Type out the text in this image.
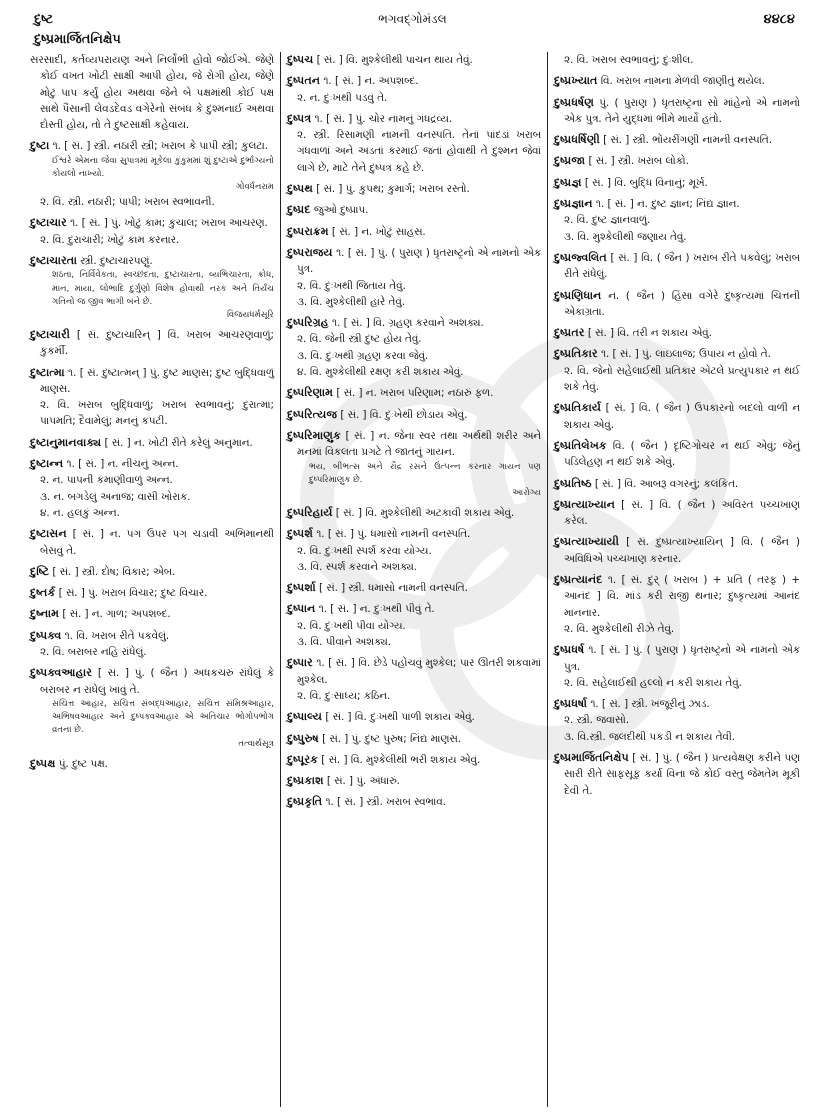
દુષ્ટ	ભગવદ્ગોમંડલ	૪૪૮૪
દુષ્પ્રમાર્જિતનિક્ષેપ
સરસાદી, કર્તવ્યપરાયણ અને નિર્લોભી હોવો જોઈએ. જેણે કોઈ વખત ખોટી સાક્ષી આપી હોય, જે રોગી હોય, જેણે મોટું પાપ કર્યું હોય અથવા જેને બે પક્ષમાંથી કોઈ પક્ષ સાથે પૈસાની લેવડદેવડ વગેરેનો સંબંધ કે દુશ્મનાઈ અથવા દોસ્તી હોય, તો તે દુષ્ટસાક્ષી કહેવાય.
દુષ્ટા ૧. [ સં. ] સ્ત્રી. નઠારી સ્ત્રી; ખરાબ કે પાપી સ્ત્રી; કુલટા.
ઈશ્વરે એમના જેવા સુપાત્રમાં મૂકેલા કુંકુમમાં શું દુષ્ટાએ દુર્ભાગ્યનો કોયલો નાખ્યો.
ગોવર્ધનરામ
૨. વિ. સ્ત્રી. નઠારી; પાપી; ખરાબ સ્વભાવની.
દુષ્ટાચાર ૧. [ સં. ] પું. ખોટું કામ; કુચાલ; ખરાબ આચરણ.
૨. વિ. દુરાચારી; ખોટું કામ કરનાર.
દુષ્ટાચારતા સ્ત્રી. દુષ્ટાચારપણું.
શઠતા, નિર્વિવેકતા, સ્વચ્છંદતા, દુષ્ટાચારતા, વ્યભિચારતા, ક્રોધ, માન, માયા, લોભાદિ દુર્ગુણો વિશેષ હોવાથી નરક અને તિર્યંચ ગતિનો જ જીવ ભાગી બને છે.
વિજયધર્મસૂરિ
દુષ્ટાચારી [ સં. દુષ્ટાચારિન્ ] વિ. ખરાબ આચરણવાળું; કુકર્મી.
દુષ્ટાત્મા ૧. [ સં. દુષ્ટાત્મન્ ] પું. દુષ્ટ માણસ; દુષ્ટ બુદ્ધિવાળું માણસ.
૨. વિ. ખરાબ બુદ્ધિવાળું; ખરાબ સ્વભાવનું; દુરાત્મા; પાપમતિ; દૈવામેલું; મનનું કપટી.
દુષ્ટાનુમાનવાક્ય [ સં. ] ન. ખોટી રીતે કરેલું અનુમાન.
દુષ્ટાન્ન ૧. [ સં. ] ન. નીચનું અન્ન.
૨. ન. પાપની કમાણીવાળું અન્ન.
૩. ન. બગડેલું અનાજ; વાસી ખોરાક.
૪. ન. હલકું અન્ન.
દુષ્ટાસન [ સં. ] ન. પગ ઉપર પગ ચડાવી અભિમાનથી બેસવું તે.
દુષ્ટિ [ સં. ] સ્ત્રી. દોષ; વિકાર; એબ.
દુષ્તર્ક [ સં. ] પું. ખરાબ વિચાર; દુષ્ટ વિચાર.
દુષ્નામ [ સં. ] ન. ગાળ; અપશબ્દ.
દુષ્પક્વ ૧. વિ. ખરાબ રીતે પકવેલું.
૨. વિ. બરાબર નહિ રાંધેલું.
દુષ્પક્વઆહાર [ સં. ] પું. ( જૈન ) અધકચરું રાંધેલું કે બરાબર ન રાંધેલું ખાવું તે.
સચિત્ત આહાર, સચિત્ત સંબદ્ધઆહાર, સચિત્ત સંમિશ્રઆહાર, અભિષવઆહાર અને દુષ્પક્વઆહાર એ અતિચાર ભોગોપભોગ વ્રતના છે.
તત્વાર્થસૂત્ર
દુષ્પક્ષ પું. દુષ્ટ પક્ષ.
દુષ્પચ [ સં. ] વિ. મુશ્કેલીથી પાચન થાય તેવું.
દુષ્પતન ૧. [ સં. ] ન. અપશબ્દ.
૨. ન. દુઃખથી પડવું તે.
દુષ્પત્ર ૧. [ સં. ] પું. ચોર નામનું ગંધદ્રવ્ય.
૨. સ્ત્રી. રિસામણી નામની વનસ્પતિ. તેનાં પાંદડાં ખરાબ ગંધવાળાં અને અડતાં કરમાઈ જતાં હોવાથી તે દુશ્મન જેવાં લાગે છે, માટે તેને દુષ્પત્ર કહે છે.
દુષ્પથ [ સં. ] પું. કુપથ; કુમાર્ગ; ખરાબ રસ્તો.
દુષ્પ્રદ જુઓ દુષ્પ્રાપ.
દુષ્પરાક્રમ [ સં. ] ન. ખોટું સાહસ.
દુષ્પરાજય ૧. [ સં. ] પું. ( પુરાણ ) ધૃતરાષ્ટ્રનો એ નામનો એક પુત્ર.
૨. વિ. દુઃખથી જિતાય તેવું.
૩. વિ. મુશ્કેલીથી હારે તેવું.
દુષ્પરિગ્રહ ૧. [ સં. ] વિ. ગ્રહણ કરવાને અશક્ય.
૨. વિ. જેની સ્ત્રી દુષ્ટ હોય તેવું.
૩. વિ. દુઃખથી ગ્રહણ કરવા જેવું.
૪. વિ. મુશ્કેલીથી રક્ષણ કરી શકાય એવું.
દુષ્પરિણામ [ સં. ] ન. ખરાબ પરિણામ; નઠારું ફળ.
દુષ્પરિત્યજ [ સં. ] વિ. દુઃખેથી છોડાય એવું.
દુષ્પરિમાણુક [ સં. ] ન. જેના સ્વર તથા અર્થથી શરીર અને મનમાં વિકલતા પ્રગટે તે જાતનું ગાયન.
ભય, બીભત્સ અને રૌદ્ર રસને ઉત્પન્ન કરનાર ગાયન પણ દુષ્પરિમાણુક છે.
આરોગ્ય
દુષ્પરિહાર્ય [ સં. ] વિ. મુશ્કેલીથી અટકાવી શકાય એવું.
દુષ્પર્શ ૧. [ સં. ] પું. ધમાસો નામની વનસ્પતિ.
૨. વિ. દુઃખથી સ્પર્શ કરવા યોગ્ય.
૩. વિ. સ્પર્શ કરવાને અશક્ય.
દુષ્પર્શા [ સં. ] સ્ત્રી. ધમાસો નામની વનસ્પતિ.
દુષ્પાન ૧. [ સં. ] ન. દુઃખથી પીવું તે.
૨. વિ. દુઃખથી પીવા યોગ્ય.
૩. વિ. પીવાને અશક્ય.
દુષ્પાર ૧. [ સં. ] વિ. છેડે પહોંચવું મુશ્કેલ; પાર ઊતરી શકવામાં મુશ્કેલ.
૨. વિ. દુઃસાધ્ય; કઠિન.
દુષ્પાલ્ય [ સં. ] વિ. દુઃખથી પાળી શકાય એવું.
દુષ્પુરુષ [ સં. ] પું. દુષ્ટ પુરુષ; નિંદ્ય માણસ.
દુષ્પૂરક [ સં. ] વિ. મુશ્કેલીથી ભરી શકાય એવું.
દુષ્પ્રકાશ [ સં. ] પું. અંધારું.
દુષ્પ્રકૃતિ ૧. [ સં. ] સ્ત્રી. ખરાબ સ્વભાવ.
૨. વિ. ખરાબ સ્વભાવનું; દુઃશીલ.
દુષ્પ્રખ્યાત વિ. ખરાબ નામના મેળવી જાણીતું થયેલ.
દુષ્પ્રધર્ષણ પું. ( પુરાણ ) ધૃતરાષ્ટ્રના સો માંહેનો એ નામનો એક પુત્ર. તેને યુદ્ધમાં ભીમે માર્યો હતો.
દુષ્પ્રધર્ષિણી [ સં. ] સ્ત્રી. ભોંયરીંગણી નામની વનસ્પતિ.
દુષ્પ્રજા [ સં. ] સ્ત્રી. ખરાબ લોકો.
દુષ્પ્રજ્ઞ [ સં. ] વિ. બુદ્ધિ વિનાનું; મૂર્ખ.
દુષ્પ્રજ્ઞાન ૧. [ સં. ] ન. દુષ્ટ જ્ઞાન; નિંદ્ય જ્ઞાન.
૨. વિ. દુષ્ટ જ્ઞાનવાળું.
૩. વિ. મુશ્કેલીથી જણાય તેવું.
દુષ્પ્રજ્વલિત [ સં. ] વિ. ( જૈન ) ખરાબ રીતે પકવેલું; ખરાબ રીતે રાંધેલું.
દુષ્પ્રણિધાન ન. ( જૈન ) હિંસા વગેરે દુષ્કૃત્યમાં ચિત્તની એકાગ્રતા.
દુષ્પ્રતર [ સં. ] વિ. તરી ન શકાય એવું.
દુષ્પ્રતિકાર ૧. [ સં. ] પું. લાઇલાજ; ઉપાય ન હોવો તે.
૨. વિ. જેનો સહેલાઈથી પ્રતિકાર એટલે પ્રત્યુપકાર ન થઈ શકે તેવું.
દુષ્પ્રતિકાર્ય [ સં. ] વિ. ( જૈન ) ઉપકારનો બદલો વાળી ન શકાય એવું.
દુષ્પ્રતિલેખક વિ. ( જૈન ) દૃષ્ટિગોચર ન થઈ એવું; જેનું પડિલેહણ ન થઈ શકે એવું.
દુષ્પ્રતિષ્ઠ [ સં. ] વિ. આબરૂ વગરનું; કલંકિત.
દુષ્પ્રત્યાખ્યાન [ સં. ] વિ. ( જૈન ) અવિરત પચ્ચખાણ કરેલ.
દુષ્પ્રત્યાખ્યાયી [ સં. દુષ્પ્રત્યાખ્યાયિન્ ] વિ. ( જૈન ) અવિધિએ પચ્ચખાણ કરનાર.
દુષ્પ્રત્યાનંદ ૧. [ સં. દુર્ ( ખરાબ ) + પ્રતિ ( તરફ ) + આનંદ ] વિ. માંડ કરી રાજી થનાર; દુષ્કૃત્યમાં આનંદ માનનાર.
૨. વિ. મુશ્કેલીથી રીઝે તેવું.
દુષ્પ્રધર્ષ ૧. [ સં. ] પું. ( પુરાણ ) ધૃતરાષ્ટ્રનો એ નામનો એક પુત્ર.
૨. વિ. સહેલાઈથી હલ્લો ન કરી શકાય તેવું.
દુષ્પ્રધર્ષા ૧. [ સં. ] સ્ત્રી. ખજૂરીનું ઝાડ.
૨. સ્ત્રી. જવાસો.
૩. વિ.સ્ત્રી. જલદીથી પકડી ન શકાય તેવી.
દુષ્પ્રમાર્જિતનિક્ષેપ [ સં. ] પું. ( જૈન ) પ્રત્યવેક્ષણ કરીને પણ સારી રીતે સાફસૂફ કર્યા વિના જે કોઈ વસ્તુ જેમતેમ મૂકી દેવી તે.
